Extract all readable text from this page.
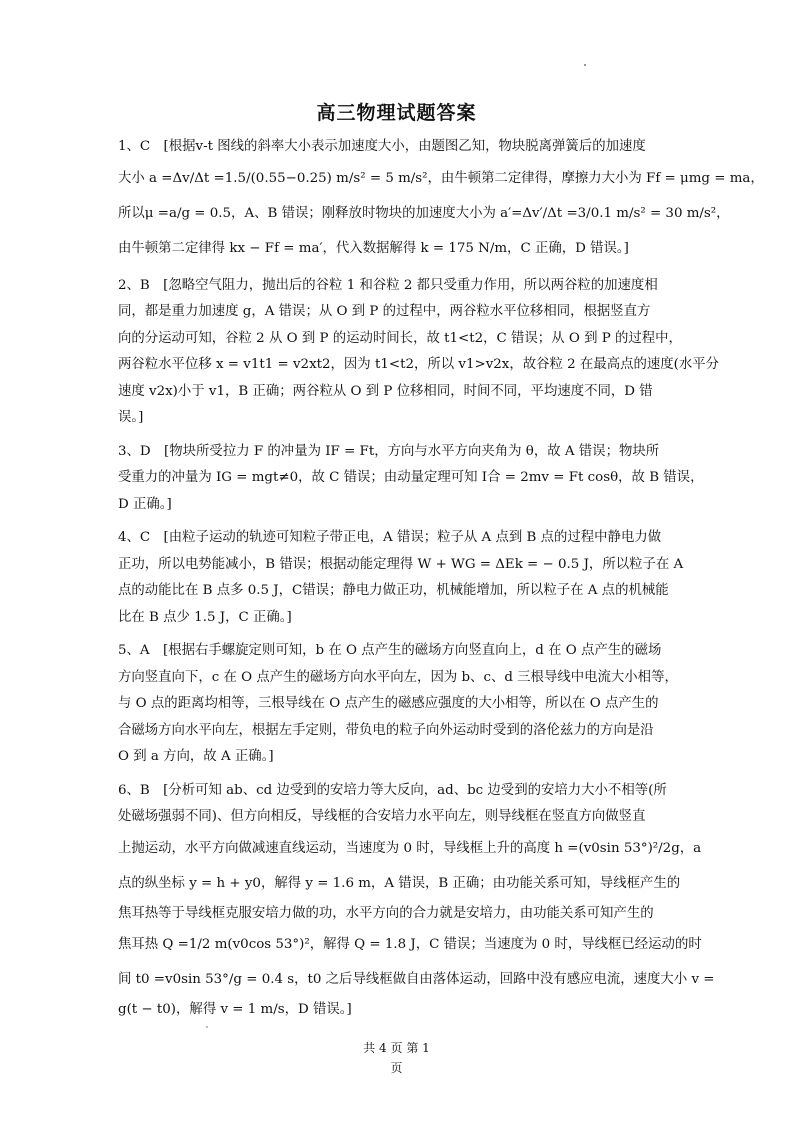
高三物理试题答案
1、C　[根据v-t 图线的斜率大小表示加速度大小，由题图乙知，物块脱离弹簧后的加速度
大小 a =Δv/Δt =1.5/(0.55−0.25) m/s² = 5 m/s²，由牛顿第二定律得，摩擦力大小为 Ff = μmg = ma，
所以μ =a/g = 0.5，A、B 错误；刚释放时物块的加速度大小为 a′=Δv′/Δt =3/0.1 m/s² = 30 m/s²，
由牛顿第二定律得 kx − Ff = ma′，代入数据解得 k = 175 N/m，C 正确，D 错误。]
2、B　[忽略空气阻力，抛出后的谷粒 1 和谷粒 2 都只受重力作用，所以两谷粒的加速度相
同，都是重力加速度 g，A 错误；从 O 到 P 的过程中，两谷粒水平位移相同，根据竖直方
向的分运动可知，谷粒 2 从 O 到 P 的运动时间长，故 t1<t2，C 错误；从 O 到 P 的过程中，
两谷粒水平位移 x = v1t1 = v2xt2，因为 t1<t2，所以 v1>v2x，故谷粒 2 在最高点的速度(水平分
速度 v2x)小于 v1，B 正确；两谷粒从 O 到 P 位移相同，时间不同，平均速度不同，D 错
误。]
3、D　[物块所受拉力 F 的冲量为 IF = Ft，方向与水平方向夹角为 θ，故 A 错误；物块所
受重力的冲量为 IG = mgt≠0，故 C 错误；由动量定理可知 I合 = 2mv = Ft cosθ，故 B 错误，
D 正确。]
4、C　[由粒子运动的轨迹可知粒子带正电，A 错误；粒子从 A 点到 B 点的过程中静电力做
正功，所以电势能减小，B 错误；根据动能定理得 W + WG = ΔEk = − 0.5 J，所以粒子在 A
点的动能比在 B 点多 0.5 J，C错误；静电力做正功，机械能增加，所以粒子在 A 点的机械能
比在 B 点少 1.5 J，C 正确。]
5、A　[根据右手螺旋定则可知，b 在 O 点产生的磁场方向竖直向上，d 在 O 点产生的磁场
方向竖直向下，c 在 O 点产生的磁场方向水平向左，因为 b、c、d 三根导线中电流大小相等，
与 O 点的距离均相等，三根导线在 O 点产生的磁感应强度的大小相等，所以在 O 点产生的
合磁场方向水平向左，根据左手定则，带负电的粒子向外运动时受到的洛伦兹力的方向是沿
O 到 a 方向，故 A 正确。]
6、B　[分析可知 ab、cd 边受到的安培力等大反向，ad、bc 边受到的安培力大小不相等(所
处磁场强弱不同)、但方向相反，导线框的合安培力水平向左，则导线框在竖直方向做竖直
上抛运动，水平方向做减速直线运动，当速度为 0 时，导线框上升的高度 h =(v0sin 53°)²/2g，a
点的纵坐标 y = h + y0，解得 y = 1.6 m，A 错误，B 正确；由功能关系可知，导线框产生的
焦耳热等于导线框克服安培力做的功，水平方向的合力就是安培力，由功能关系可知产生的
焦耳热 Q =1/2 m(v0cos 53°)²，解得 Q = 1.8 J，C 错误；当速度为 0 时，导线框已经运动的时
间 t0 =v0sin 53°/g = 0.4 s，t0 之后导线框做自由落体运动，回路中没有感应电流，速度大小 v =
g(t − t0)，解得 v = 1 m/s，D 错误。]
共 4 页 第 1
页
